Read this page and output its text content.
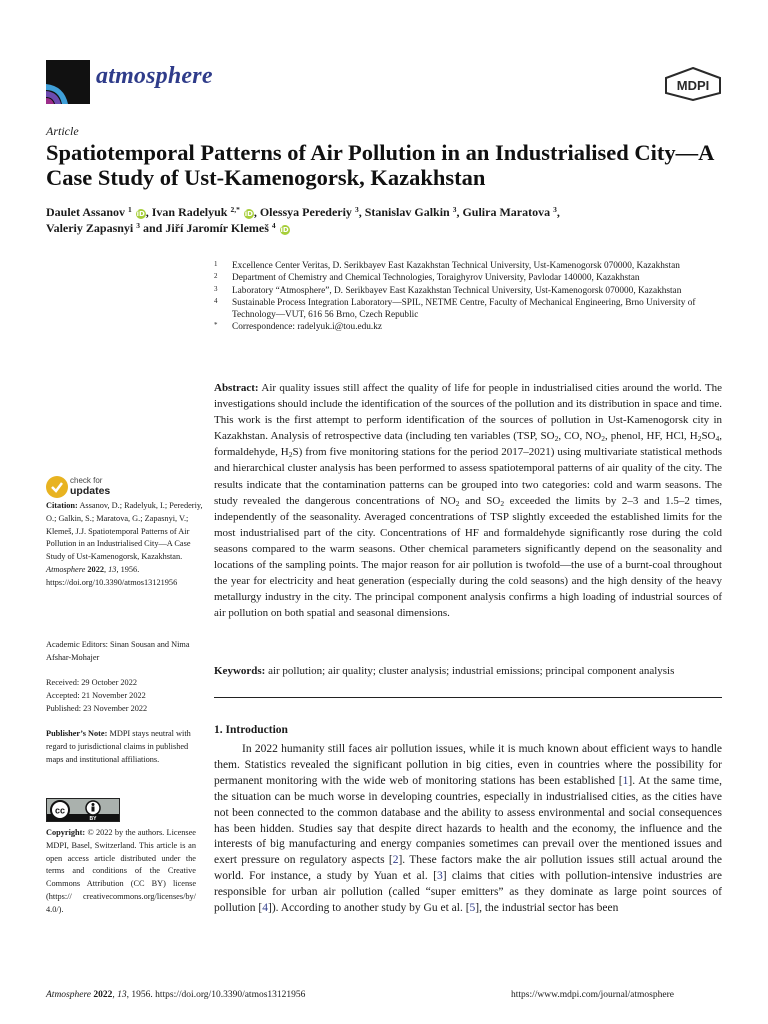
atmosphere	MDPI
Article
Spatiotemporal Patterns of Air Pollution in an Industrialised City—A Case Study of Ust-Kamenogorsk, Kazakhstan
Daulet Assanov $^1$ iD, Ivan Radelyuk $^{2,*}$ iD, Olessya Perederiy $^3$, Stanislav Galkin $^3$, Gulira Maratova $^3$,
Valeriy Zapasnyi $^3$ and Jiří Jaromír Klemeš $^4$ iD
1 Excellence Center Veritas, D. Serikbayev East Kazakhstan Technical University, Ust-Kamenogorsk 070000, Kazakhstan
2 Department of Chemistry and Chemical Technologies, Toraighyrov University, Pavlodar 140000, Kazakhstan
3 Laboratory “Atmosphere”, D. Serikbayev East Kazakhstan Technical University, Ust-Kamenogorsk 070000, Kazakhstan
4 Sustainable Process Integration Laboratory—SPIL, NETME Centre, Faculty of Mechanical Engineering, Brno University of Technology—VUT, 616 56 Brno, Czech Republic
* Correspondence: radelyuk.i@tou.edu.kz
Abstract: Air quality issues still affect the quality of life for people in industrialised cities around the world. The investigations should include the identification of the sources of the pollution and its distribution in space and time. This work is the first attempt to perform identification of the sources of pollution in Ust-Kamenogorsk city in Kazakhstan. Analysis of retrospective data (including ten variables (TSP, $SO_2$, CO, $NO_2$, phenol, HF, HCl, $H_2SO_4$, formaldehyde, $H_2S$) from five monitoring stations for the period 2017–2021) using multivariate statistical methods and hierarchical cluster analysis has been performed to assess spatiotemporal patterns of air quality of the city. The results indicate that the contamination patterns can be grouped into two categories: cold and warm seasons. The study revealed the dangerous concentrations of $NO_2$ and $SO_2$ exceeded the limits by 2–3 and 1.5–2 times, independently of the seasonality. Averaged concentrations of TSP slightly exceeded the established limits for the most industrialised part of the city. Concentrations of HF and formaldehyde significantly rose during the cold seasons compared to the warm seasons. Other chemical parameters significantly depend on the seasonality and locations of the sampling points. The major reason for air pollution is twofold—the use of a burnt-coal throughout the year for electricity and heat generation (especially during the cold seasons) and the high density of the heavy metallurgy industry in the city. The principal component analysis confirms a high loading of industrial sources of air pollution on both spatial and seasonal dimensions.
Keywords: air pollution; air quality; cluster analysis; industrial emissions; principal component analysis
1. Introduction
In 2022 humanity still faces air pollution issues, while it is much known about efficient ways to handle them. Statistics revealed the significant pollution in big cities, even in countries where the possibility for permanent monitoring with the wide web of monitoring stations has been established [1]. At the same time, the situation can be much worse in developing countries, especially in industrialised cities, as the cities have not been connected to the common database and the ability to assess environmental and social consequences has been hidden. Studies say that despite direct hazards to health and the economy, the influence and the interests of big manufacturing and energy companies sometimes can prevail over the mentioned issues and exert pressure on regulatory aspects [2]. These factors make the air pollution issues still actual around the world. For instance, a study by Yuan et al. [3] claims that cities with pollution-intensive industries are responsible for urban air pollution (called “super emitters” as they dominate as large point sources of pollution [4]). According to another study by Gu et al. [5], the industrial sector has been
check for
updates
Citation: Assanov, D.; Radelyuk, I.; Perederiy, O.; Galkin, S.; Maratova, G.; Zapasnyi, V.; Klemeš, J.J. Spatiotemporal Patterns of Air Pollution in an Industrialised City—A Case Study of Ust-Kamenogorsk, Kazakhstan. Atmosphere 2022, 13, 1956. https://doi.org/10.3390/atmos13121956
Academic Editors: Sinan Sousan and Nima Afshar-Mohajer
Received: 29 October 2022
Accepted: 21 November 2022
Published: 23 November 2022
Publisher’s Note: MDPI stays neutral with regard to jurisdictional claims in published maps and institutional affiliations.
cc
BY
Copyright: © 2022 by the authors. Licensee MDPI, Basel, Switzerland. This article is an open access article distributed under the terms and conditions of the Creative Commons Attribution (CC BY) license (https:// creativecommons.org/licenses/by/ 4.0/).
Atmosphere 2022, 13, 1956. https://doi.org/10.3390/atmos13121956	https://www.mdpi.com/journal/atmosphere
